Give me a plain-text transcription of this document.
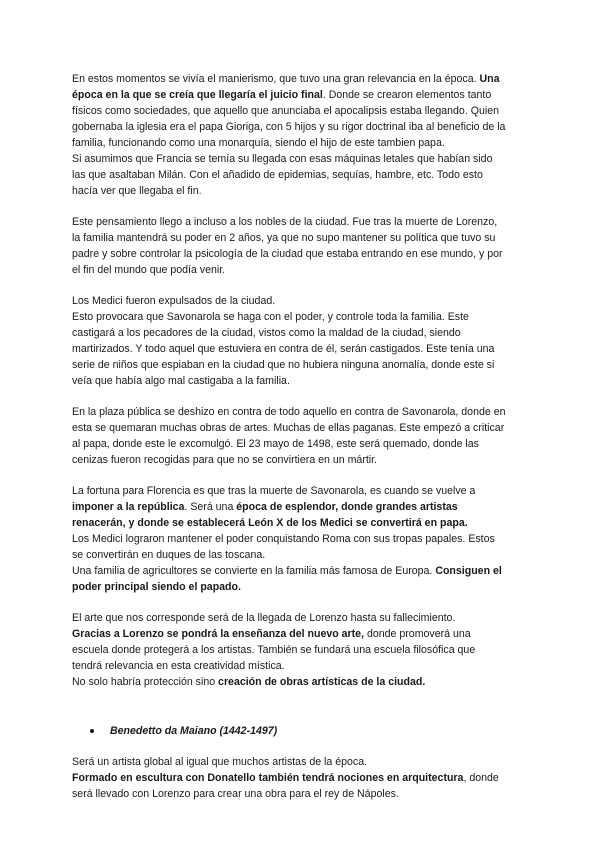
En estos momentos se vivía el manierismo, que tuvo una gran relevancia en la época. Una
época en la que se creía que llegaría el juicio final. Donde se crearon elementos tanto
físicos como sociedades, que aquello que anunciaba el apocalipsis estaba llegando. Quien
gobernaba la iglesia era el papa Gioriga, con 5 hijos y su rigor doctrinal iba al beneficio de la
familia, funcionando como una monarquía, siendo el hijo de este tambien papa.
Si asumimos que Francia se temía su llegada con esas máquinas letales que habían sido
las que asaltaban Milán. Con el añadido de epidemias, sequías, hambre, etc. Todo esto
hacía ver que llegaba el fin.
Este pensamiento llego a incluso a los nobles de la ciudad. Fue tras la muerte de Lorenzo,
la familia mantendrá su poder en 2 años, ya que no supo mantener su política que tuvo su
padre y sobre controlar la psicología de la ciudad que estaba entrando en ese mundo, y por
el fin del mundo que podía venir.
Los Medici fueron expulsados de la ciudad.
Esto provocara que Savonarola se haga con el poder, y controle toda la familia. Este
castigará a los pecadores de la ciudad, vistos como la maldad de la ciudad, siendo
martirizados. Y todo aquel que estuviera en contra de él, serán castigados. Este tenía una
serie de niños que espiaban en la ciudad que no hubiera ninguna anomalía, donde este si
veía que había algo mal castigaba a la familia.
En la plaza pública se deshizo en contra de todo aquello en contra de Savonarola, donde en
esta se quemaran muchas obras de artes. Muchas de ellas paganas. Este empezó a criticar
al papa, donde este le excomulgó. El 23 mayo de 1498, este será quemado, donde las
cenizas fueron recogidas para que no se convirtiera en un mártir.
La fortuna para Florencia es que tras la muerte de Savonarola, es cuando se vuelve a
imponer a la república. Será una época de esplendor, donde grandes artistas
renacerán, y donde se establecerá León X de los Medici se convertirá en papa.
Los Medici lograron mantener el poder conquistando Roma con sus tropas papales. Estos
se convertirán en duques de las toscana.
Una familia de agricultores se convierte en la familia más famosa de Europa. Consiguen el
poder principal siendo el papado.
El arte que nos corresponde será de la llegada de Lorenzo hasta su fallecimiento.
Gracias a Lorenzo se pondrá la enseñanza del nuevo arte, donde promoverá una
escuela donde protegerá a los artistas. También se fundará una escuela filosófica que
tendrá relevancia en esta creatividad mística.
No solo habría protección sino creación de obras artísticas de la ciudad.
Benedetto da Maiano (1442-1497)
Será un artista global al igual que muchos artistas de la época.
Formado en escultura con Donatello también tendrá nociones en arquitectura, donde
será llevado con Lorenzo para crear una obra para el rey de Nápoles.
